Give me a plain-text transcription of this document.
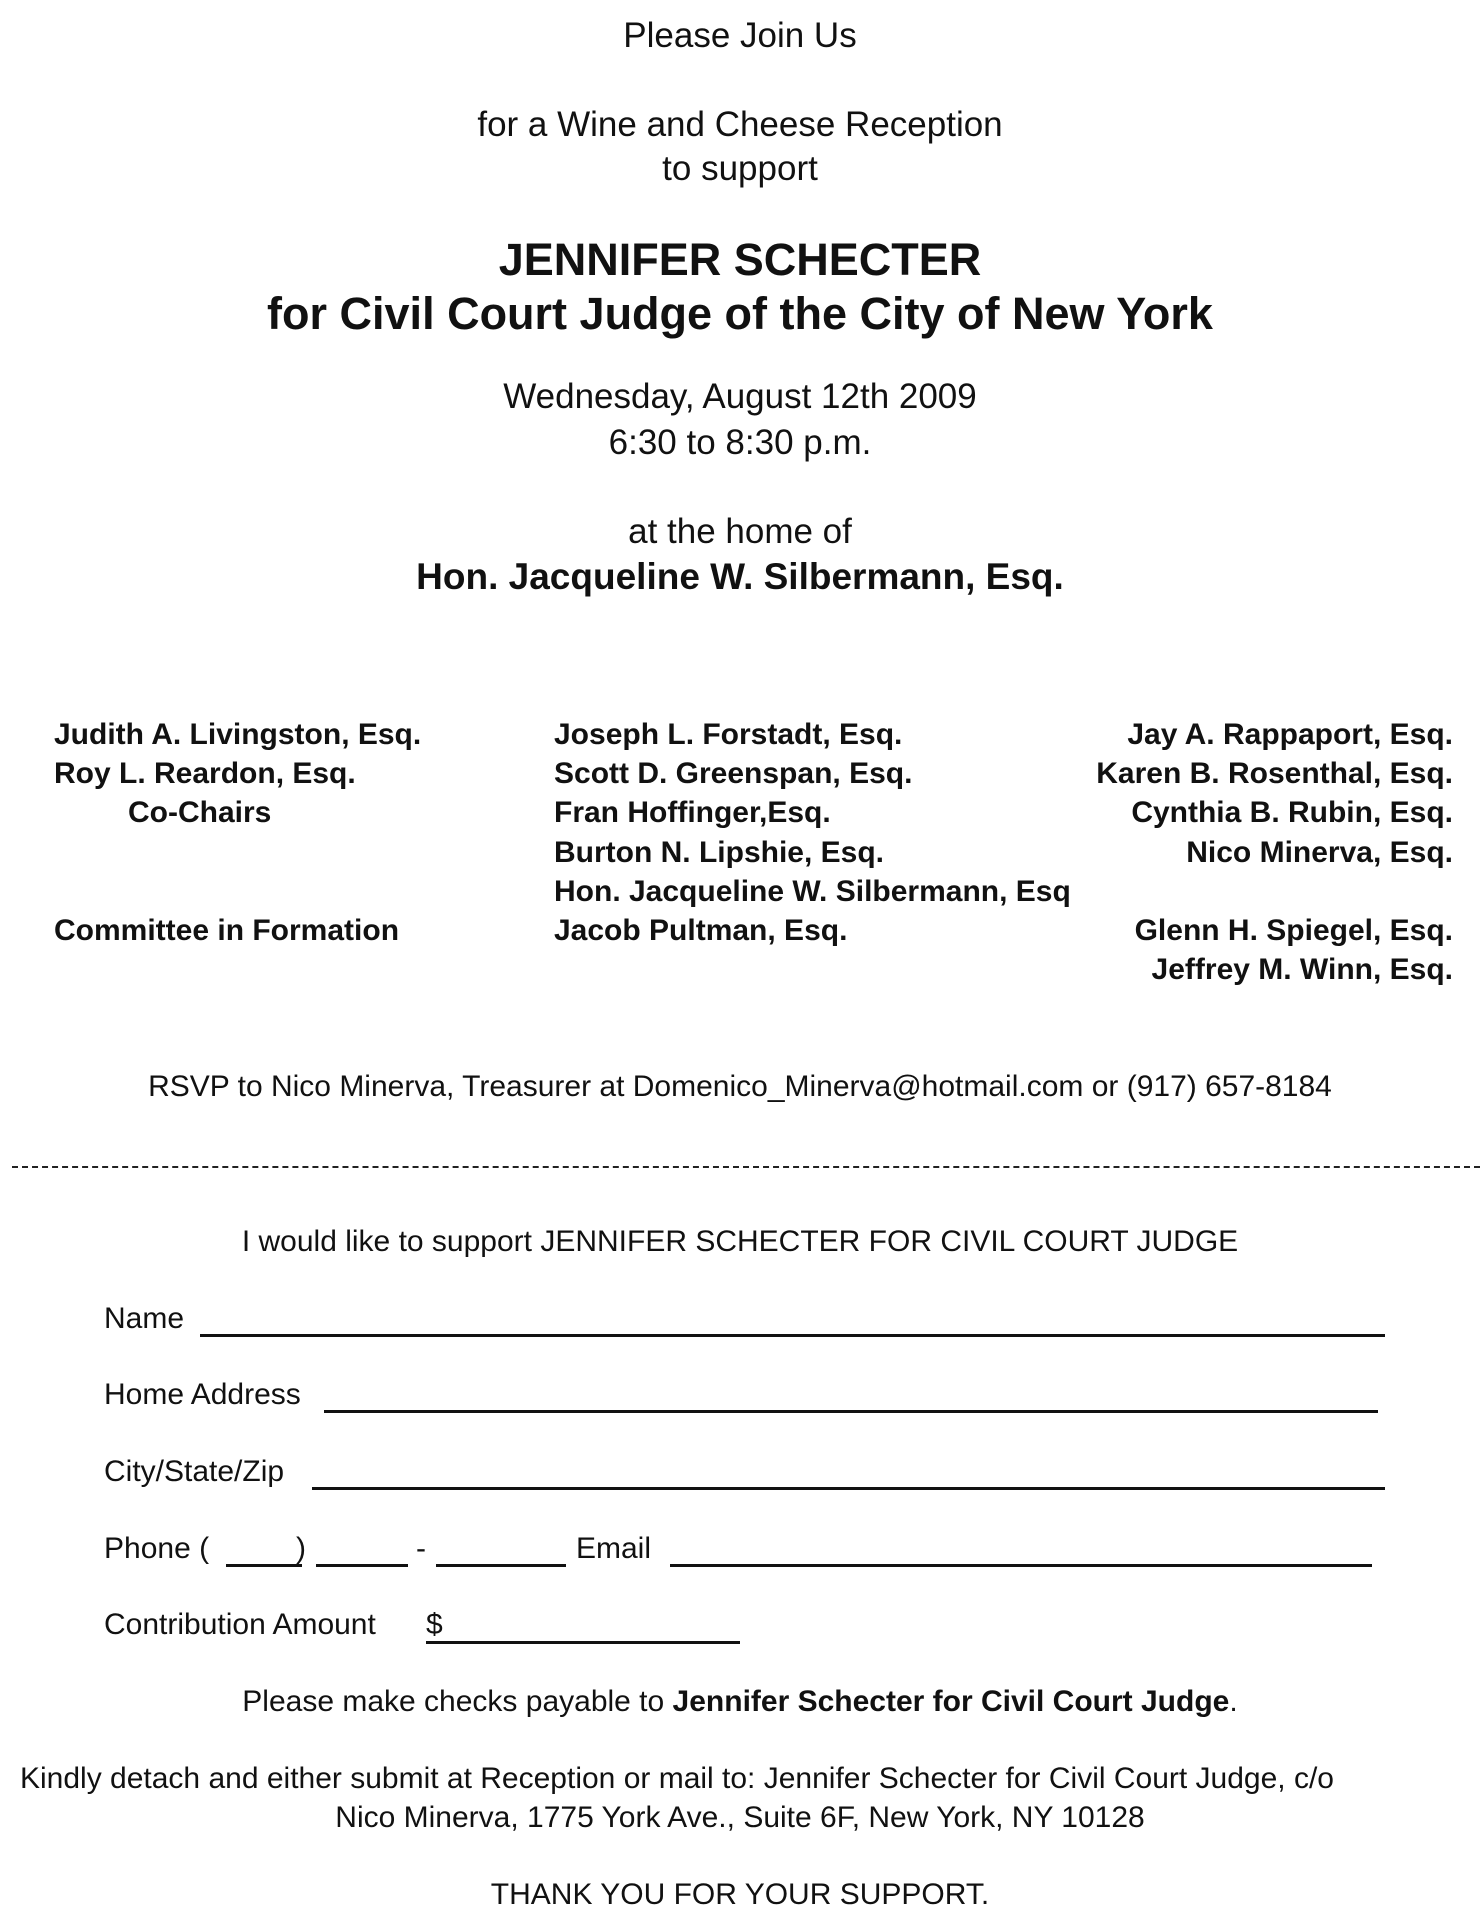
Please Join Us
for a Wine and Cheese Reception
to support
JENNIFER SCHECTER
for Civil Court Judge of the City of New York
Wednesday, August 12th 2009
6:30 to 8:30 p.m.
at the home of
Hon. Jacqueline W. Silbermann, Esq.
Judith A. Livingston, Esq.
Roy L. Reardon, Esq.
Co-Chairs
Committee in Formation
Joseph L. Forstadt, Esq.
Scott D. Greenspan, Esq.
Fran Hoffinger,Esq.
Burton N. Lipshie, Esq.
Hon. Jacqueline W. Silbermann, Esq
Jacob Pultman, Esq.
Jay A. Rappaport, Esq.
Karen B. Rosenthal, Esq.
Cynthia B. Rubin, Esq.
Nico Minerva, Esq.
Glenn H. Spiegel, Esq.
Jeffrey M. Winn, Esq.
RSVP to Nico Minerva, Treasurer at Domenico_Minerva@hotmail.com or (917) 657-8184
I would like to support JENNIFER SCHECTER FOR CIVIL COURT JUDGE
Name
Home Address
City/State/Zip
Phone (	)	-	Email
Contribution Amount $
Please make checks payable to Jennifer Schecter for Civil Court Judge.
Kindly detach and either submit at Reception or mail to: Jennifer Schecter for Civil Court Judge, c/o
Nico Minerva, 1775 York Ave., Suite 6F, New York, NY 10128
THANK YOU FOR YOUR SUPPORT.
